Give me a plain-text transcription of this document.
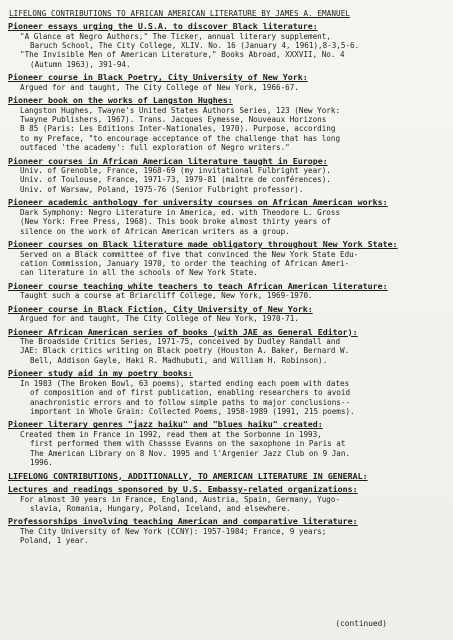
LIFELONG CONTRIBUTIONS TO AFRICAN AMERICAN LITERATURE BY JAMES A. EMANUEL
Pioneer essays urging the U.S.A. to discover Black literature:
"A Glance at Negro Authors," The Ticker, annual literary supplement,
Baruch School, The City College, XLIV. No. 16 (January 4, 1961),8-3,5-6.
"The Invisible Men of American Literature," Books Abroad, XXXVII, No. 4
(Autumn 1963), 391-94.
Pioneer course in Black Poetry, City University of New York:
Argued for and taught, The City College of New York, 1966-67.
Pioneer book on the works of Langston Hughes:
Langston Hughes, Twayne's United States Authors Series, 123 (New York:
Twayne Publishers, 1967). Trans. Jacques Eymesse, Nouveaux Horizons
B 85 (Paris: Les Editions Inter-Nationales, 1970). Purpose, according
to my Preface, "to encourage acceptance of the challenge that has long
outfaced 'the academy': full exploration of Negro writers."
Pioneer courses in African American literature taught in Europe:
Univ. of Grenoble, France, 1968-69 (my invitational Fulbright year).
Univ. of Toulouse, France, 1971-73, 1979-81 (maître de conférences).
Univ. of Warsaw, Poland, 1975-76 (Senior Fulbright professor).
Pioneer academic anthology for university courses on African American works:
Dark Symphony: Negro Literature in America, ed. with Theodore L. Gross
(New York: Free Press, 1968). This book broke almost thirty years of
silence on the work of African American writers as a group.
Pioneer courses on Black literature made obligatory throughout New York State:
Served on a Black committee of five that convinced the New York State Edu-
cation Commission, January 1970, to order the teaching of African Ameri-
can literature in all the schools of New York State.
Pioneer course teaching white teachers to teach African American literature:
Taught such a course at Briarcliff College, New York, 1969-1970.
Pioneer course in Black Fiction, City University of New York:
Argued for and taught, The City College of New York, 1970-71.
Pioneer African American series of books (with JAE as General Editor):
The Broadside Critics Series, 1971-75, conceived by Dudley Randall and
JAE: Black critics writing on Black poetry (Houston A. Baker, Bernard W.
Bell, Addison Gayle, Haki R. Madhubuti, and William H. Robinson).
Pioneer study aid in my poetry books:
In 1983 (The Broken Bowl, 63 poems), started ending each poem with dates
of composition and of first publication, enabling researchers to avoid
anachronistic errors and to follow simple paths to major conclusions--
important in Whole Grain: Collected Poems, 1958-1989 (1991, 215 poems).
Pioneer literary genres "jazz haiku" and "blues haiku" created:
Created them in France in 1992, read them at the Sorbonne in 1993,
first performed them with Chassse Evanns on the saxophone in Paris at
The American Library on 8 Nov. 1995 and l'Argenier Jazz Club on 9 Jan.
1996.
LIFELONG CONTRIBUTIONS, ADDITIONALLY, TO AMERICAN LITERATURE IN GENERAL:
Lectures and readings sponsored by U.S. Embassy-related organizations:
For almost 30 years in France, England, Austria, Spain, Germany, Yugo-
slavia, Romania, Hungary, Poland, Iceland, and elsewhere.
Professorships involving teaching American and comparative literature:
The City University of New York (CCNY): 1957-1984; France, 9 years;
Poland, 1 year.
(continued)
